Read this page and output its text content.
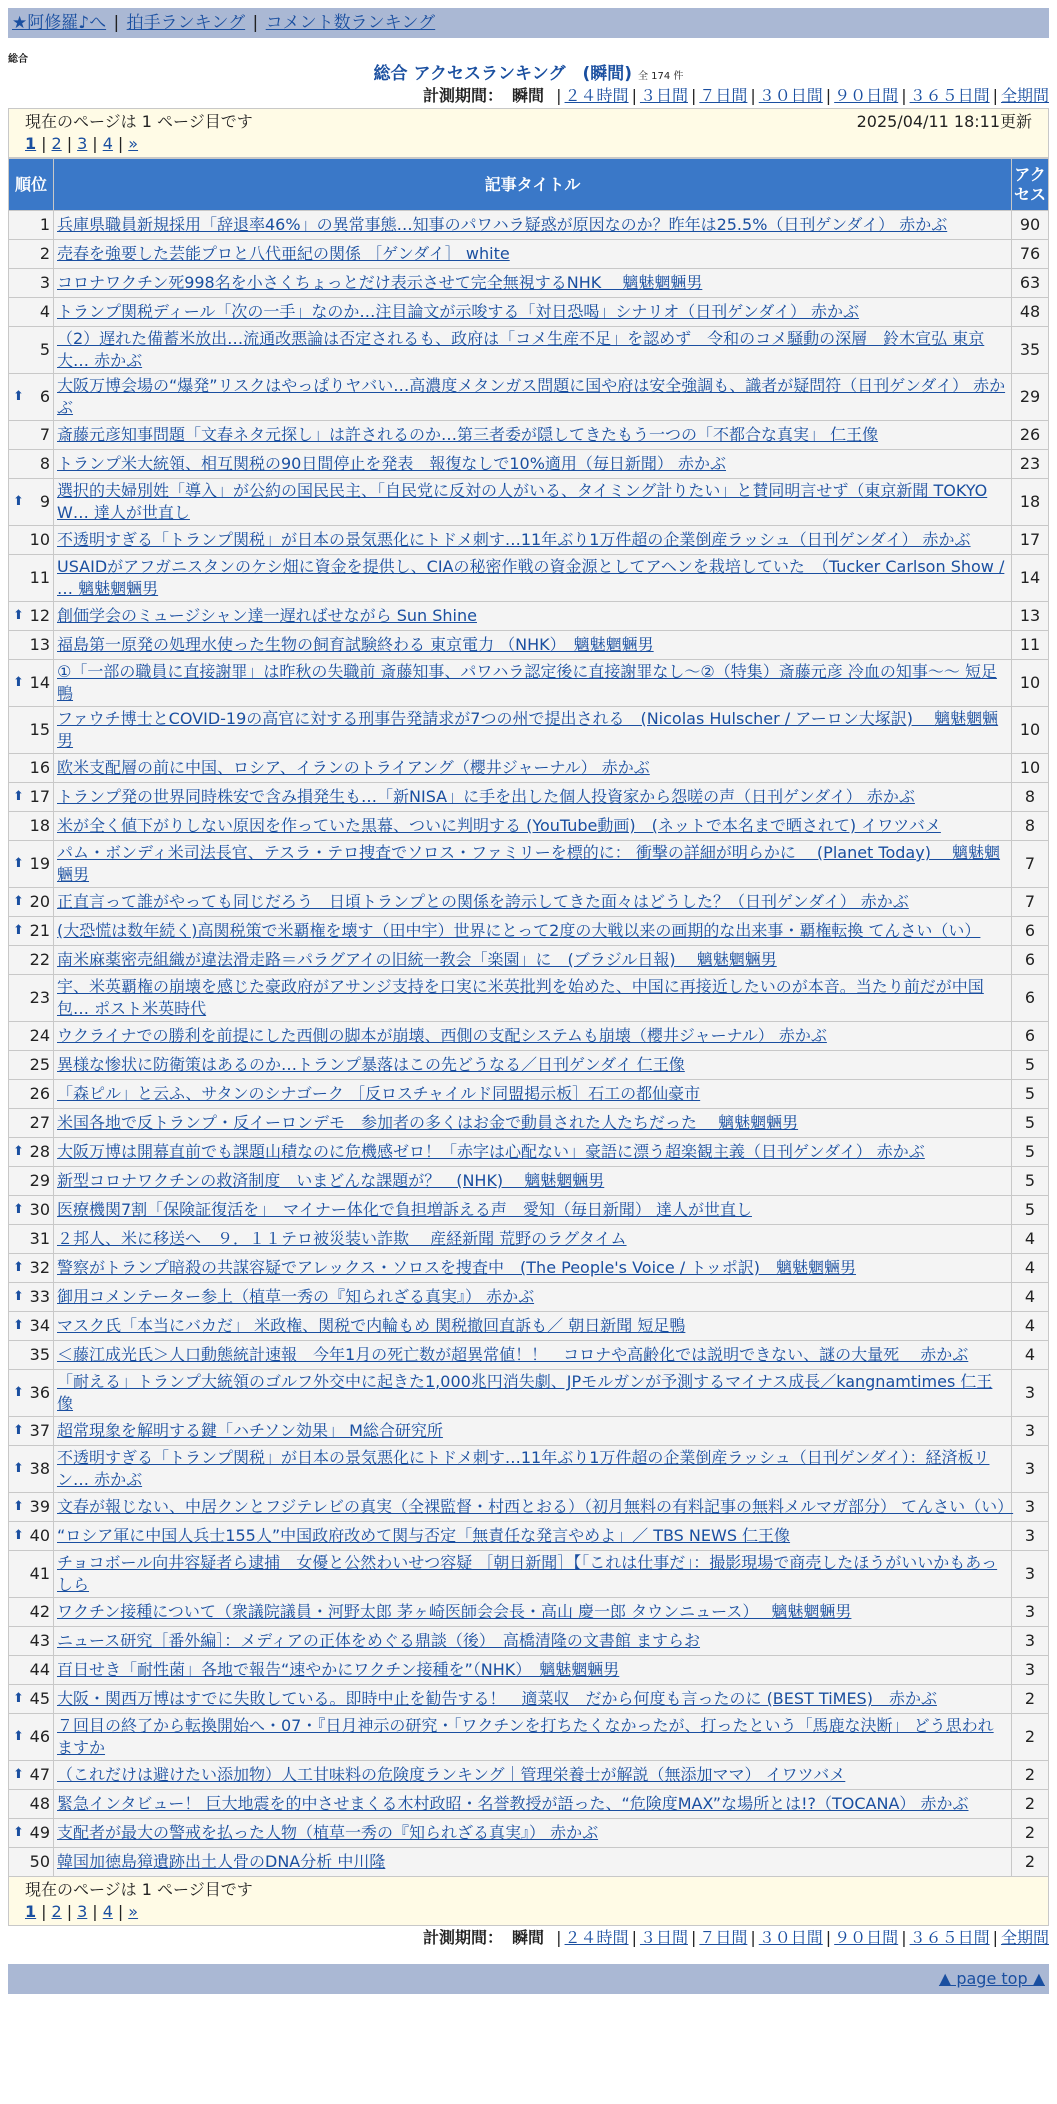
★阿修羅♪へ | 拍手ランキング | コメント数ランキング
総合
総合 アクセスランキング　(瞬間) 全 174 件
計測期間： 瞬間 | ２４時間 | ３日間 | ７日間 | ３０日間 | ９０日間 | ３６５日間 | 全期間
現在のページは 1 ページ目です	2025/04/11 18:11更新
1 | 2 | 3 | 4 | »
順位	記事タイトル	アクセス
1	兵庫県職員新規採用「辞退率46%」の異常事態…知事のパワハラ疑惑が原因なのか？昨年は25.5%（日刊ゲンダイ） 赤かぶ	90
2	売春を強要した芸能プロと八代亜紀の関係 ［ゲンダイ］ white	76
3	コロナワクチン死998名を小さくちょっとだけ表示させて完全無視するNHK　 魑魅魍魎男	63
4	トランプ関税ディール「次の一手」なのか…注目論文が示唆する「対日恐喝」シナリオ（日刊ゲンダイ） 赤かぶ	48
5	（2）遅れた備蓄米放出…流通改悪論は否定されるも、政府は「コメ生産不足」を認めず　令和のコメ騒動の深層　鈴木宣弘 東京大… 赤かぶ	35

⬆ 6	大阪万博会場の“爆発”リスクはやっぱりヤバい…高濃度メタンガス問題に国や府は安全強調も、識者が疑問符（日刊ゲンダイ） 赤かぶ	29
7	斎藤元彦知事問題「文春ネタ元探し」は許されるのか…第三者委が隠してきたもう一つの「不都合な真実」 仁王像	26
8	トランプ米大統領、相互関税の90日間停止を発表　報復なしで10%適用（毎日新聞） 赤かぶ	23

⬆ 9	選択的夫婦別姓「導入」が公約の国民民主、「自民党に反対の人がいる、タイミング計りたい」と賛同明言せず（東京新聞 TOKYO W… 達人が世直し	18
10	不透明すぎる「トランプ関税」が日本の景気悪化にトドメ刺す…11年ぶり1万件超の企業倒産ラッシュ（日刊ゲンダイ） 赤かぶ	17
11	USAIDがアフガニスタンのケシ畑に資金を提供し、CIAの秘密作戦の資金源としてアヘンを栽培していた　（Tucker Carlson Show / … 魑魅魍魎男	14

⬆ 12	創価学会のミュージシャン達一遅ればせながら Sun Shine	13
13	福島第一原発の処理水使った生物の飼育試験終わる 東京電力 （NHK）　魑魅魍魎男	11

⬆ 14	①「一部の職員に直接謝罪」は昨秋の失職前 斎藤知事、パワハラ認定後に直接謝罪なし～②（特集）斎藤元彦 冷血の知事～～ 短足鴨	10
15	ファウチ博士とCOVID-19の高官に対する刑事告発請求が7つの州で提出される　(Nicolas Hulscher / アーロン大塚訳)　 魑魅魍魎男	10
16	欧米支配層の前に中国、ロシア、イランのトライアング（櫻井ジャーナル） 赤かぶ	10

⬆ 17	トランプ発の世界同時株安で含み損発生も…「新NISA」に手を出した個人投資家から怨嗟の声（日刊ゲンダイ） 赤かぶ	8
18	米が全く値下がりしない原因を作っていた黒幕、ついに判明する (YouTube動画)　(ネットで本名まで晒されて) イワツバメ	8

⬆ 19	パム・ボンディ米司法長官、テスラ・テロ捜査でソロス・ファミリーを標的に： 衝撃の詳細が明らかに　 (Planet Today)　 魑魅魍魎男	7

⬆ 20	正直言って誰がやっても同じだろう　日頃トランプとの関係を誇示してきた面々はどうした？（日刊ゲンダイ） 赤かぶ	7

⬆ 21	(大恐慌は数年続く)高関税策で米覇権を壊す（田中宇）世界にとって2度の大戦以来の画期的な出来事・覇権転換 てんさい（い）	6
22	南米麻薬密売組織が違法滑走路＝パラグアイの旧統一教会「楽園」に　(ブラジル日報)　 魑魅魍魎男	6
23	宇、米英覇権の崩壊を感じた豪政府がアサンジ支持を口実に米英批判を始めた、中国に再接近したいのが本音。当たり前だが中国包… ポスト米英時代	6
24	ウクライナでの勝利を前提にした西側の脚本が崩壊、西側の支配システムも崩壊（櫻井ジャーナル） 赤かぶ	6
25	異様な惨状に防衛策はあるのか…トランプ暴落はこの先どうなる／日刊ゲンダイ 仁王像	5
26	「森ピル」と云ふ、サタンのシナゴーク ［反ロスチャイルド同盟掲示板］石工の都仙豪市	5
27	米国各地で反トランプ・反イーロンデモ　参加者の多くはお金で動員された人たちだった　 魑魅魍魎男	5

⬆ 28	大阪万博は開幕直前でも課題山積なのに危機感ゼロ！「赤字は心配ない」豪語に漂う超楽観主義（日刊ゲンダイ） 赤かぶ	5
29	新型コロナワクチンの救済制度　いまどんな課題が？　(NHK)　 魑魅魍魎男	5

⬆ 30	医療機関7割「保険証復活を」　マイナー体化で負担増訴える声　愛知（毎日新聞） 達人が世直し	5
31	２邦人、米に移送へ　９．１１テロ被災装い詐欺　 産経新聞 荒野のラグタイム	4

⬆ 32	警察がトランプ暗殺の共謀容疑でアレックス・ソロスを捜査中　(The People's Voice / トッポ訳)　魑魅魍魎男	4

⬆ 33	御用コメンテーター参上（植草一秀の『知られざる真実』） 赤かぶ	4

⬆ 34	マスク氏「本当にバカだ」 米政権、関税で内輪もめ 関税撤回直訴も／ 朝日新聞 短足鴨	4
35	＜藤江成光氏＞人口動態統計速報　今年1月の死亡数が超異常値！！　コロナや高齢化では説明できない、謎の大量死　 赤かぶ	4

⬆ 36	「耐える」トランプ大統領のゴルフ外交中に起きた1,000兆円消失劇、JPモルガンが予測するマイナス成長／kangnamtimes 仁王像	3

⬆ 37	超常現象を解明する鍵「ハチソン効果」 M総合研究所	3

⬆ 38	不透明すぎる「トランプ関税」が日本の景気悪化にトドメ刺す…11年ぶり1万件超の企業倒産ラッシュ（日刊ゲンダイ）：経済板リン… 赤かぶ	3

⬆ 39	文春が報じない、中居クンとフジテレビの真実（全裸監督・村西とおる）（初月無料の有料記事の無料メルマガ部分） てんさい（い）	3

⬆ 40	“ロシア軍に中国人兵士155人”中国政府改めて関与否定「無責任な発言やめよ」／ TBS NEWS 仁王像	3
41	チョコボール向井容疑者ら逮捕　女優と公然わいせつ容疑 ［朝日新聞］【「これは仕事だ」：撮影現場で商売したほうがいいかもあっしら	3
42	ワクチン接種について（衆議院議員・河野太郎 茅ヶ崎医師会会長・高山 慶一郎 タウンニュース）　 魑魅魍魎男	3
43	ニュース研究［番外編］：メディアの正体をめぐる鼎談（後）　高橋清隆の文書館 ますらお	3
44	百日せき「耐性菌」各地で報告“速やかにワクチン接種を”（NHK）　魑魅魍魎男	3

⬆ 45	大阪・関西万博はすでに失敗している。即時中止を勧告する！　適菜収　だから何度も言ったのに (BEST TiMES)　赤かぶ	2

⬆ 46	７回目の終了から転換開始へ・07・『日月神示の研究・「ワクチンを打ちたくなかったが、打ったという「馬鹿な決断」 どう思われますか	2

⬆ 47	（これだけは避けたい添加物）人工甘味料の危険度ランキング｜管理栄養士が解説（無添加ママ） イワツバメ	2
48	緊急インタビュー！ 巨大地震を的中させまくる木村政昭・名誉教授が語った、“危険度MAX”な場所とは!?（TOCANA） 赤かぶ	2

⬆ 49	支配者が最大の警戒を払った人物（植草一秀の『知られざる真実』） 赤かぶ	2
50	韓国加徳島獐遺跡出土人骨のDNA分析 中川隆	2
現在のページは 1 ページ目です
1 | 2 | 3 | 4 | »
計測期間： 瞬間 | ２４時間 | ３日間 | ７日間 | ３０日間 | ９０日間 | ３６５日間 | 全期間
▲ page top ▲
